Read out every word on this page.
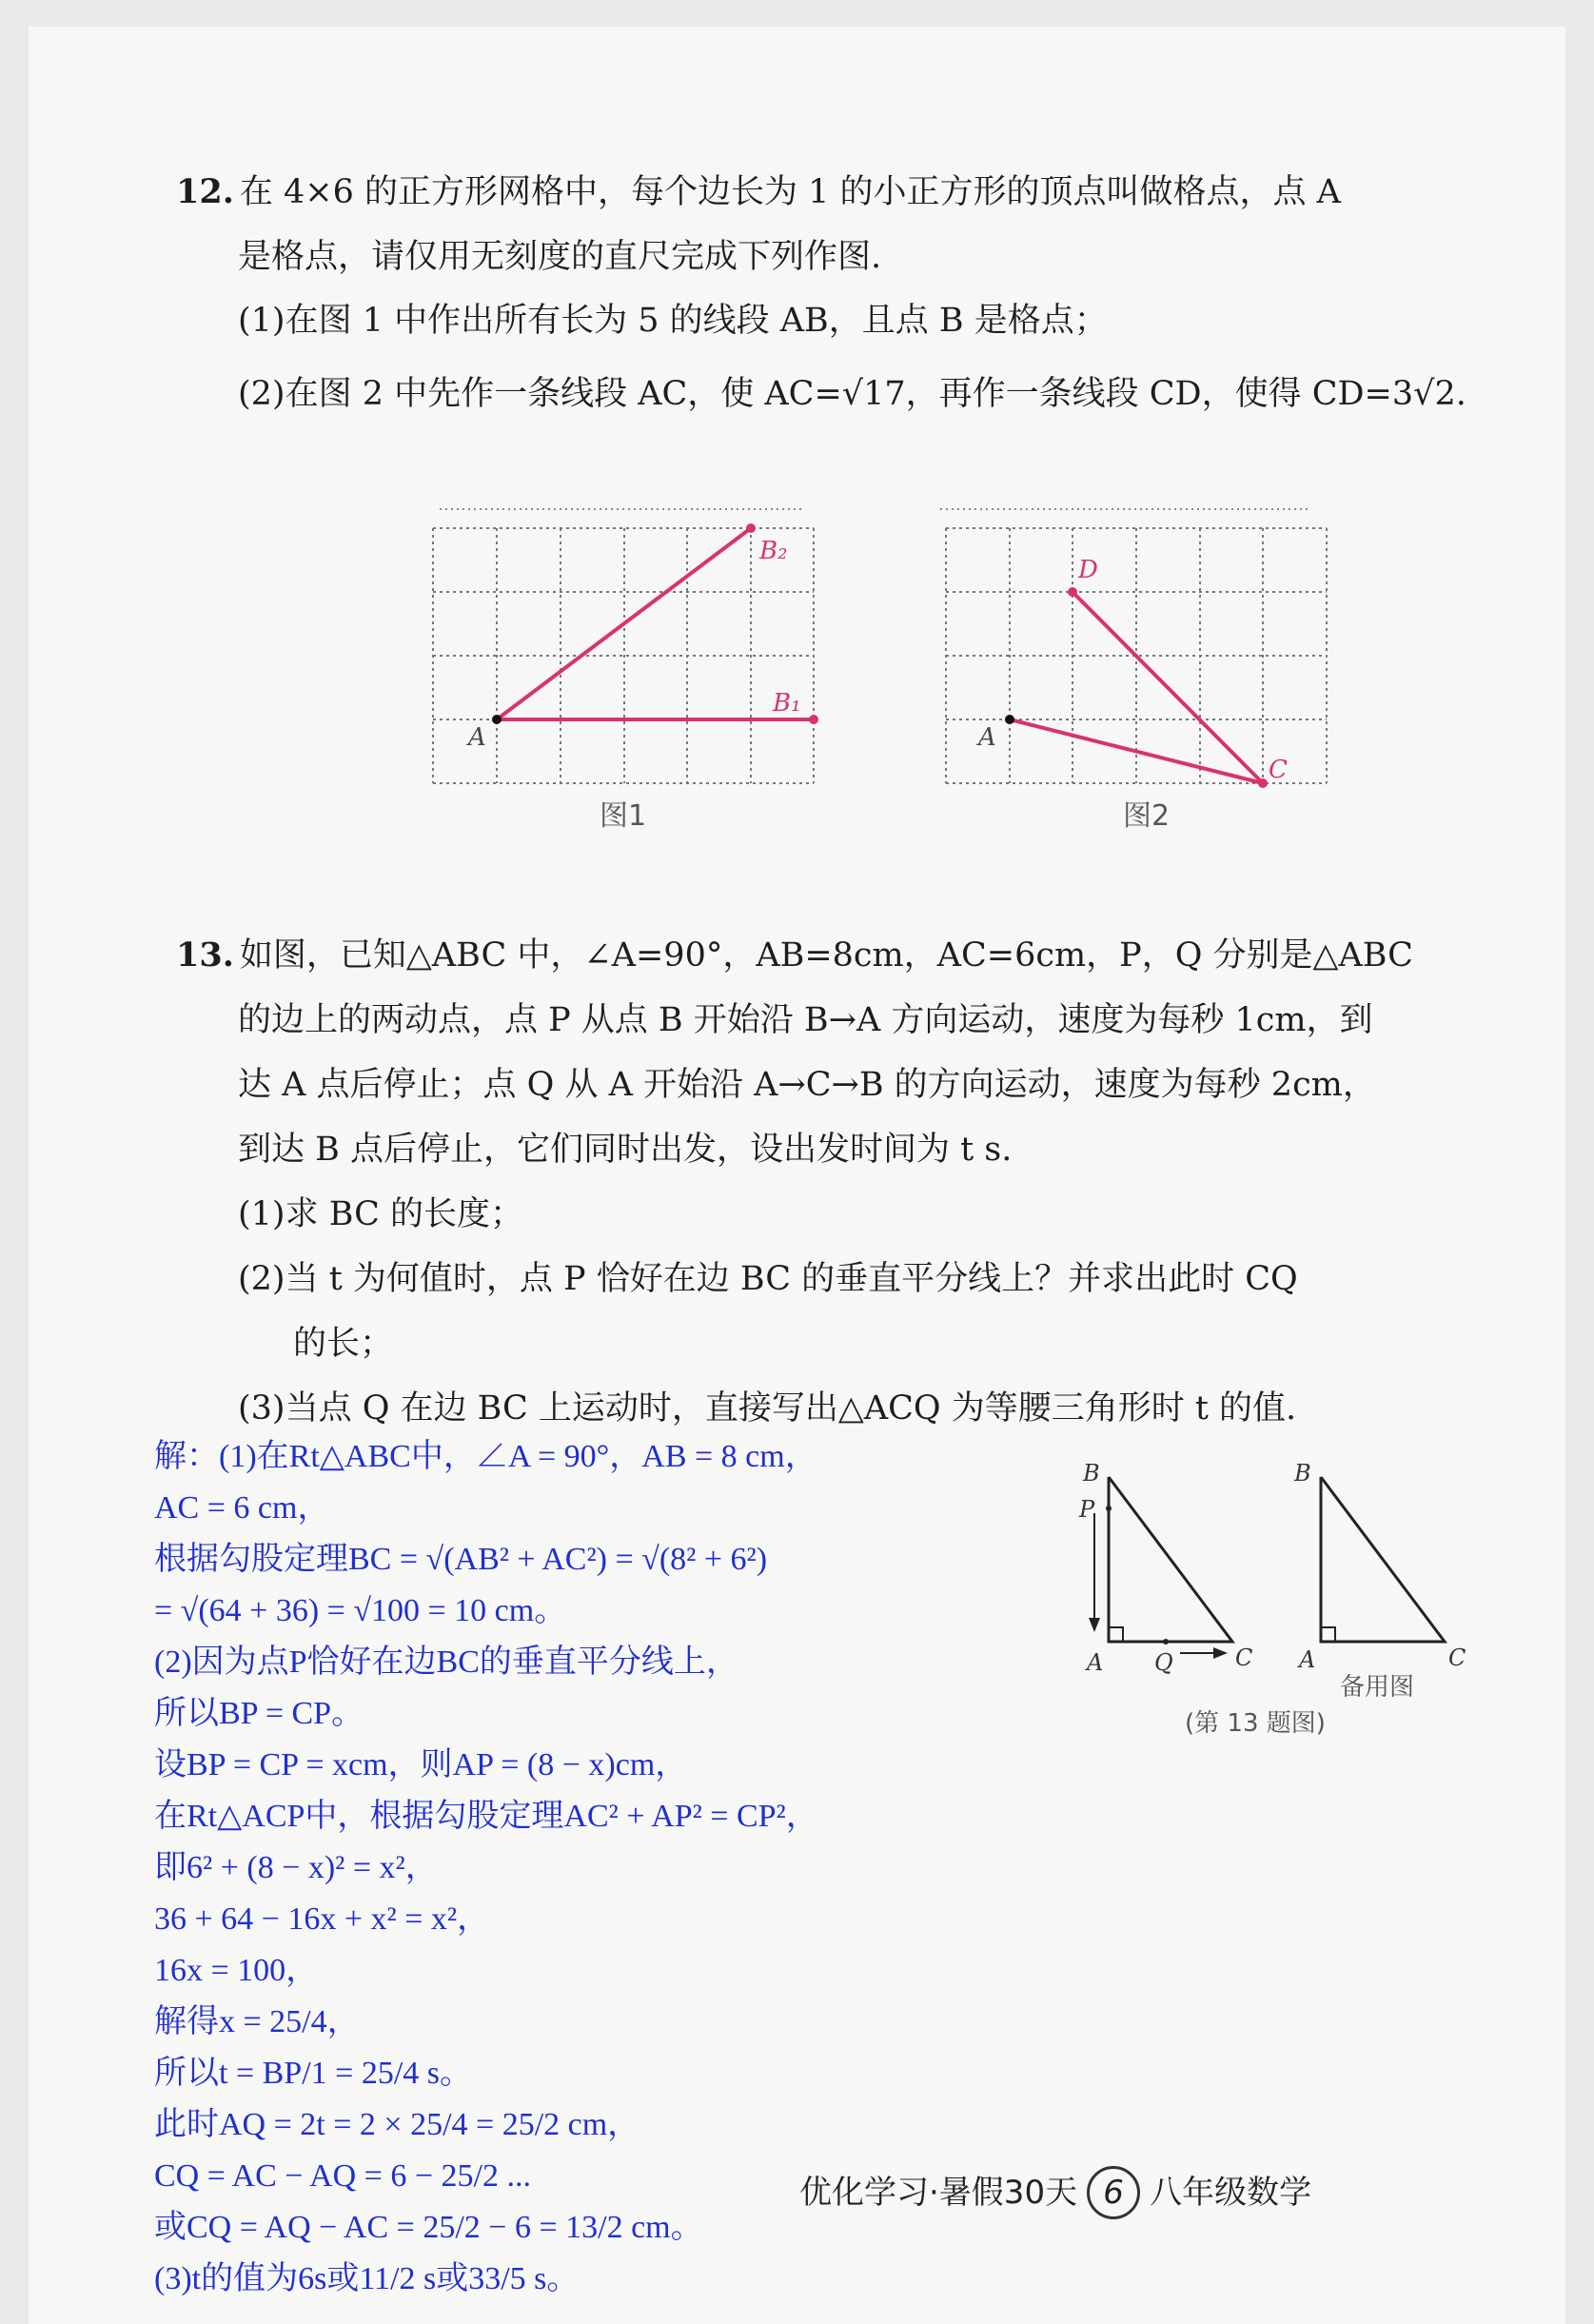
12. 在 4×6 的正方形网格中，每个边长为 1 的小正方形的顶点叫做格点，点 A
是格点，请仅用无刻度的直尺完成下列作图.
(1)在图 1 中作出所有长为 5 的线段 AB，且点 B 是格点；
(2)在图 2 中先作一条线段 AC，使 AC=√17，再作一条线段 CD，使得 CD=3√2.
A
B₂
B₁
图1
A
D
C
图2
13. 如图，已知△ABC 中，∠A=90°，AB=8cm，AC=6cm，P，Q 分别是△ABC
的边上的两动点，点 P 从点 B 开始沿 B→A 方向运动，速度为每秒 1cm，到
达 A 点后停止；点 Q 从 A 开始沿 A→C→B 的方向运动，速度为每秒 2cm，
到达 B 点后停止，它们同时出发，设出发时间为 t s.
(1)求 BC 的长度；
(2)当 t 为何值时，点 P 恰好在边 BC 的垂直平分线上？并求出此时 CQ
的长；
(3)当点 Q 在边 BC 上运动时，直接写出△ACQ 为等腰三角形时 t 的值.
B
P
A Q	C
B
A	C
备用图
(第 13 题图)
解：(1)在Rt△ABC中，∠A = 90°，AB = 8 cm，
AC = 6 cm，
根据勾股定理BC = √(AB² + AC²) = √(8² + 6²)
= √(64 + 36) = √100 = 10 cm。
(2)因为点P恰好在边BC的垂直平分线上，
所以BP = CP。
设BP = CP = xcm，则AP = (8 − x)cm，
在Rt△ACP中，根据勾股定理AC² + AP² = CP²，
即6² + (8 − x)² = x²，
36 + 64 − 16x + x² = x²，
16x = 100，
解得x = 25/4，
所以t = BP/1 = 25/4 s。
此时AQ = 2t = 2 × 25/4 = 25/2 cm，
CQ = AC − AQ = 6 − 25/2 ...
或CQ = AQ − AC = 25/2 − 6 = 13/2 cm。
(3)t的值为6s或11/2 s或33/5 s。
优化学习·暑假30天 6 八年级数学
